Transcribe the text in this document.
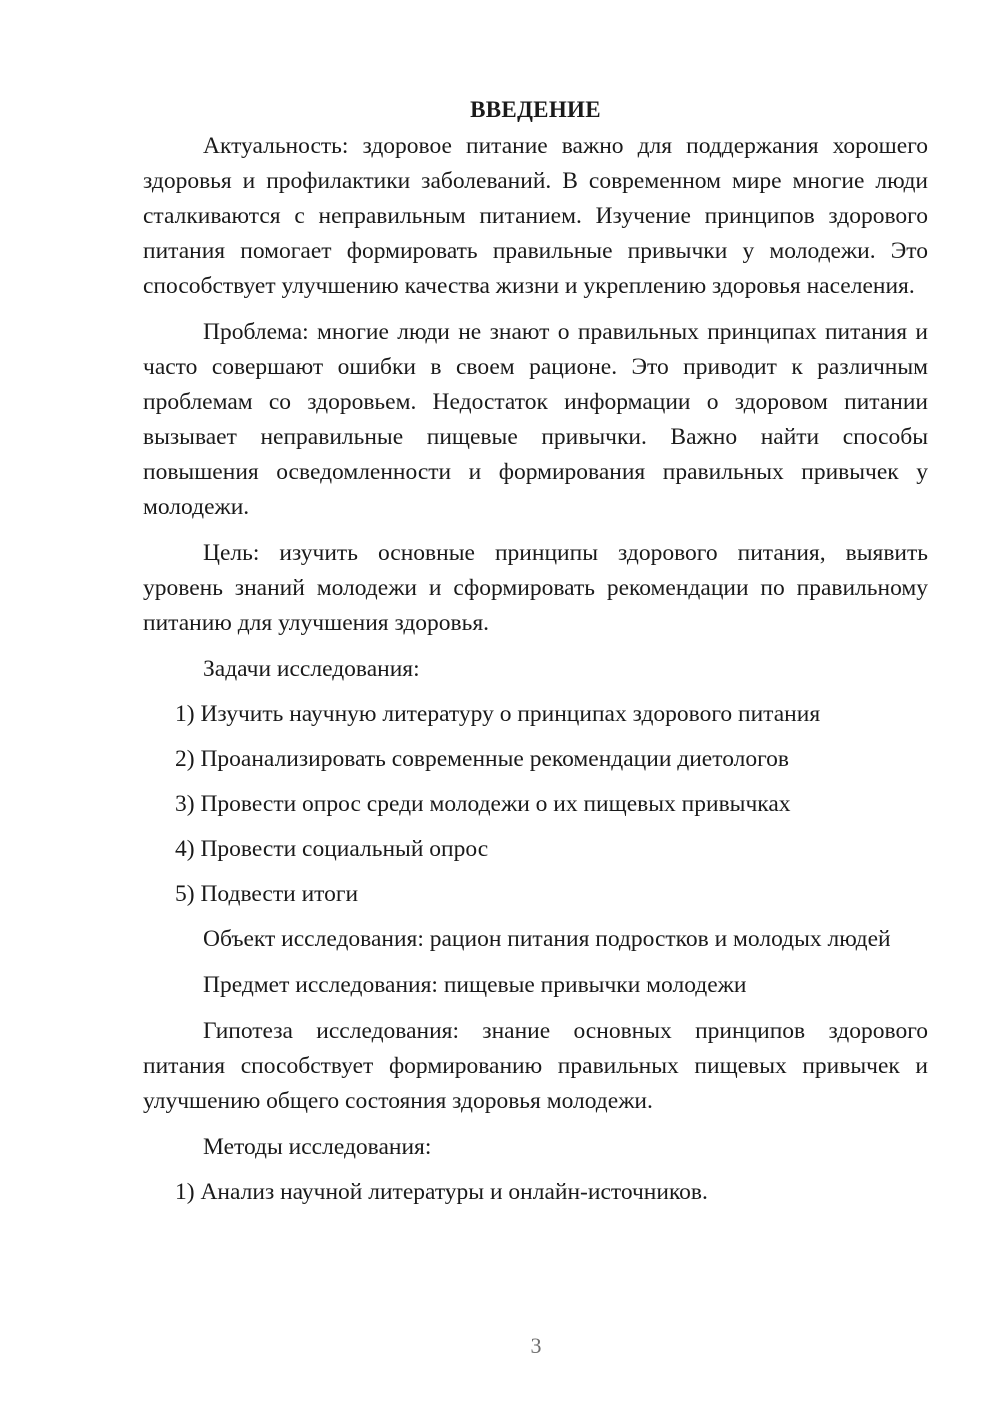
ВВЕДЕНИЕ

Актуальность: здоровое питание важно для поддержания хорошего здоровья и профилактики заболеваний. В современном мире многие люди сталкиваются с неправильным питанием. Изучение принципов здорового питания помогает формировать правильные привычки у молодежи. Это способствует улучшению качества жизни и укреплению здоровья населения.

Проблема: многие люди не знают о правильных принципах питания и часто совершают ошибки в своем рационе. Это приводит к различным проблемам со здоровьем. Недостаток информации о здоровом питании вызывает неправильные пищевые привычки. Важно найти способы повышения осведомленности и формирования правильных привычек у молодежи.

Цель: изучить основные принципы здорового питания, выявить уровень знаний молодежи и сформировать рекомендации по правильному питанию для улучшения здоровья.

Задачи исследования:

1) Изучить научную литературу о принципах здорового питания
2) Проанализировать современные рекомендации диетологов
3) Провести опрос среди молодежи о их пищевых привычках
4) Провести социальный опрос
5) Подвести итоги

Объект исследования: рацион питания подростков и молодых людей

Предмет исследования: пищевые привычки молодежи

Гипотеза исследования: знание основных принципов здорового питания способствует формированию правильных пищевых привычек и улучшению общего состояния здоровья молодежи.

Методы исследования:

1) Анализ научной литературы и онлайн-источников.
3
